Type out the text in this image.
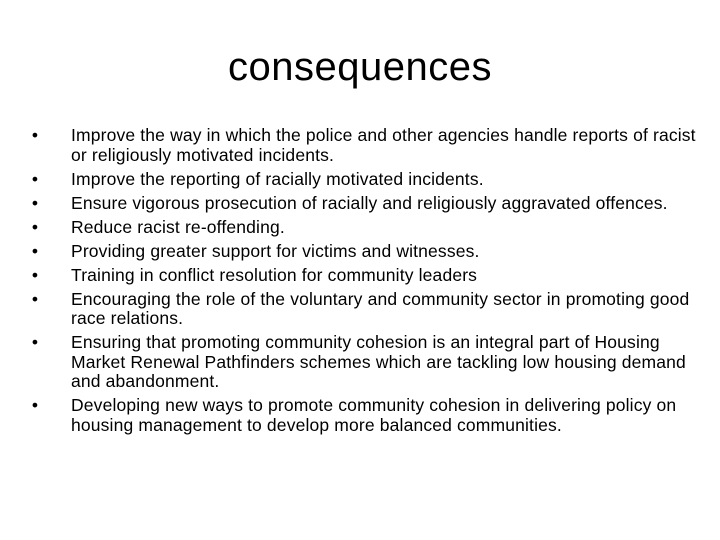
consequences
• Improve the way in which the police and other agencies handle reports of racist or religiously motivated incidents.
• Improve the reporting of racially motivated incidents.
• Ensure vigorous prosecution of racially and religiously aggravated offences.
• Reduce racist re-offending.
• Providing greater support for victims and witnesses.
• Training in conflict resolution for community leaders
• Encouraging the role of the voluntary and community sector in promoting good race relations.
• Ensuring that promoting community cohesion is an integral part of Housing Market Renewal Pathfinders schemes which are tackling low housing demand and abandonment.
• Developing new ways to promote community cohesion in delivering policy on housing management to develop more balanced communities.
